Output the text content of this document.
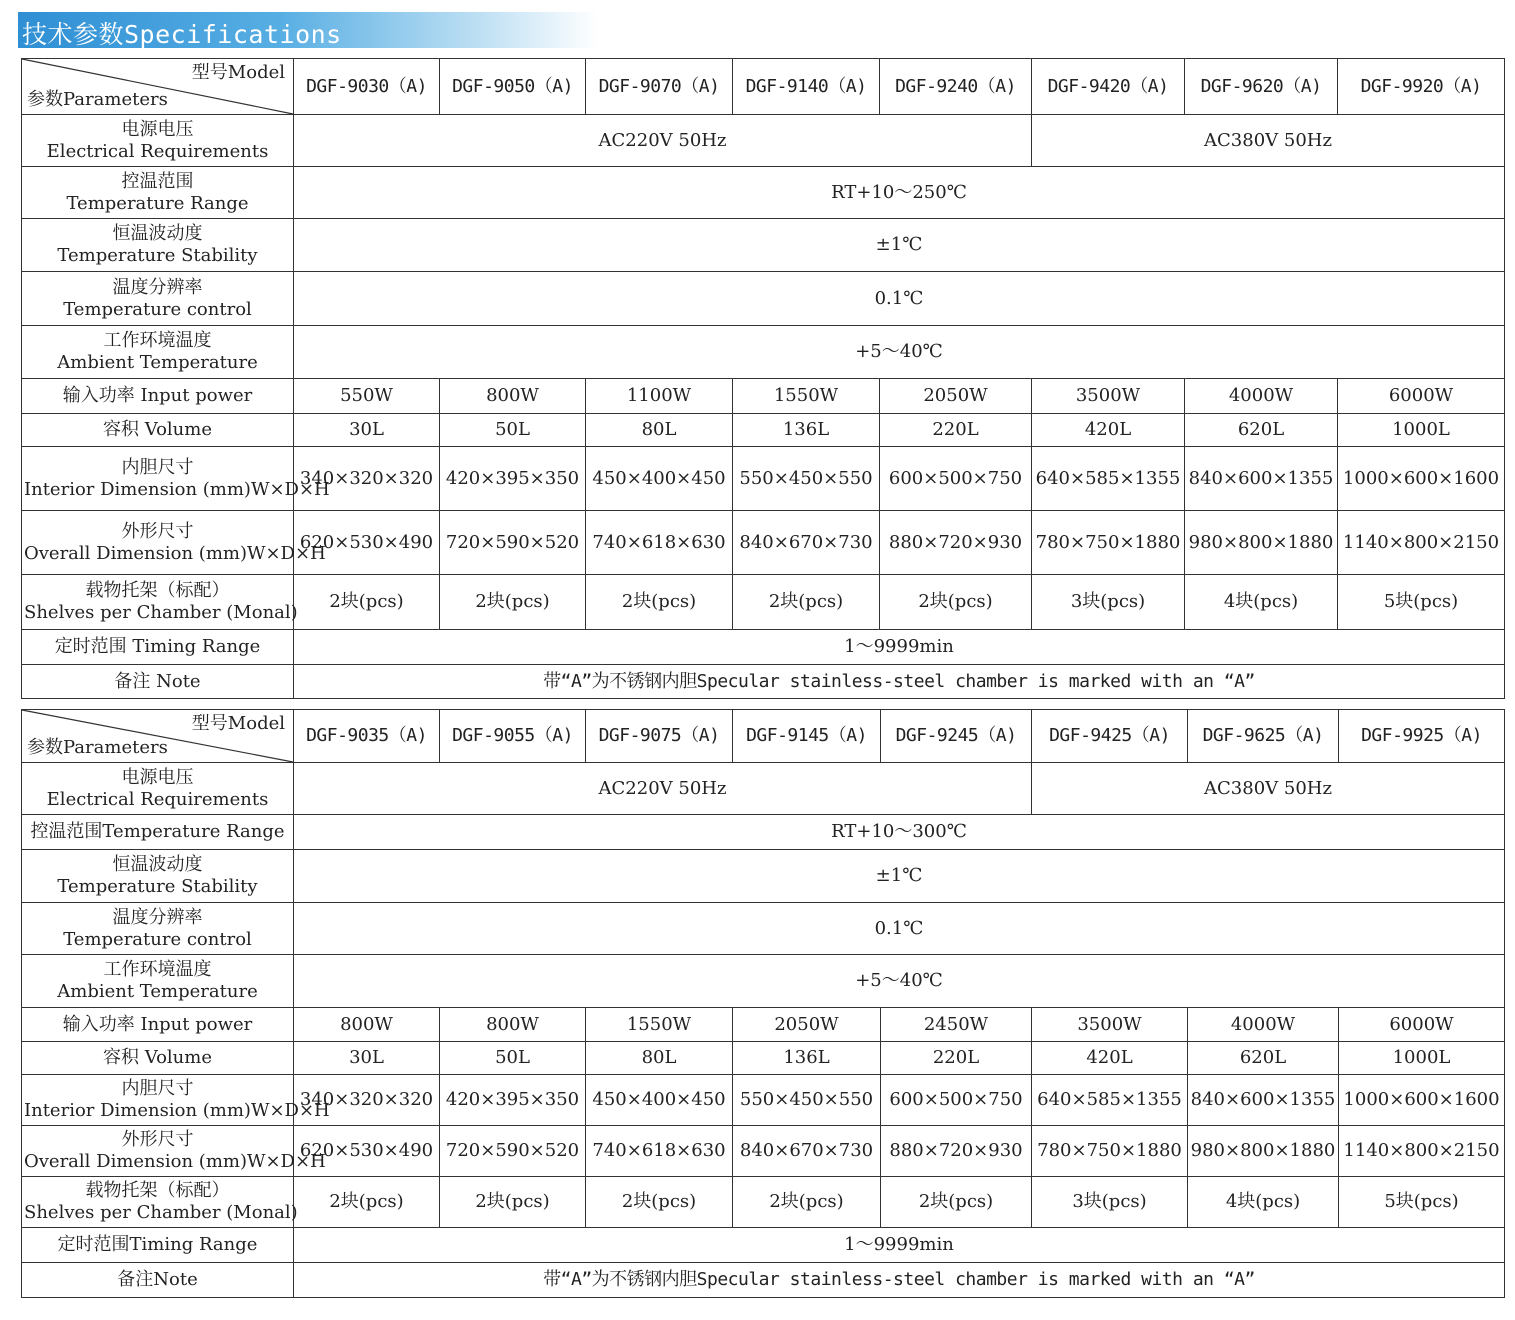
技术参数Specifications
型号Model
参数Parameters	DGF-9030（A)	DGF-9050（A)	DGF-9070（A)	DGF-9140（A)	DGF-9240（A)	DGF-9420（A)	DGF-9620（A)	DGF-9920（A)

电源电压
Electrical Requirements	AC220V 50Hz					AC380V 50Hz		

控温范围
Temperature Range	RT+10～250℃							

恒温波动度
Temperature Stability	±1℃							

温度分辨率
Temperature control	0.1℃							

工作环境温度
Ambient Temperature	+5～40℃							
输入功率 Input power	550W	800W	1100W	1550W	2050W	3500W	4000W	6000W
容积 Volume	30L	50L	80L	136L	220L	420L	620L	1000L

内胆尺寸
Interior Dimension (mm)W×D×H	340×320×320	420×395×350	450×400×450	550×450×550	600×500×750	640×585×1355	840×600×1355	1000×600×1600

外形尺寸
Overall Dimension (mm)W×D×H	620×530×490	720×590×520	740×618×630	840×670×730	880×720×930	780×750×1880	980×800×1880	1140×800×2150

载物托架（标配）
Shelves per Chamber (Monal)	2块(pcs)	2块(pcs)	2块(pcs)	2块(pcs)	2块(pcs)	3块(pcs)	4块(pcs)	5块(pcs)
定时范围 Timing Range	1～9999min							
备注 Note	带“A”为不锈钢内胆Specular stainless-steel chamber is marked with an “A”							
型号Model
参数Parameters	DGF-9035（A)	DGF-9055（A)	DGF-9075（A)	DGF-9145（A)	DGF-9245（A)	DGF-9425（A)	DGF-9625（A)	DGF-9925（A)

电源电压
Electrical Requirements	AC220V 50Hz					AC380V 50Hz		
控温范围Temperature Range	RT+10～300℃							

恒温波动度
Temperature Stability	±1℃							

温度分辨率
Temperature control	0.1℃							

工作环境温度
Ambient Temperature	+5～40℃							
输入功率 Input power	800W	800W	1550W	2050W	2450W	3500W	4000W	6000W
容积 Volume	30L	50L	80L	136L	220L	420L	620L	1000L

内胆尺寸
Interior Dimension (mm)W×D×H	340×320×320	420×395×350	450×400×450	550×450×550	600×500×750	640×585×1355	840×600×1355	1000×600×1600

外形尺寸
Overall Dimension (mm)W×D×H	620×530×490	720×590×520	740×618×630	840×670×730	880×720×930	780×750×1880	980×800×1880	1140×800×2150

载物托架（标配）
Shelves per Chamber (Monal)	2块(pcs)	2块(pcs)	2块(pcs)	2块(pcs)	2块(pcs)	3块(pcs)	4块(pcs)	5块(pcs)
定时范围Timing Range	1～9999min							
备注Note	带“A”为不锈钢内胆Specular stainless-steel chamber is marked with an “A”							
